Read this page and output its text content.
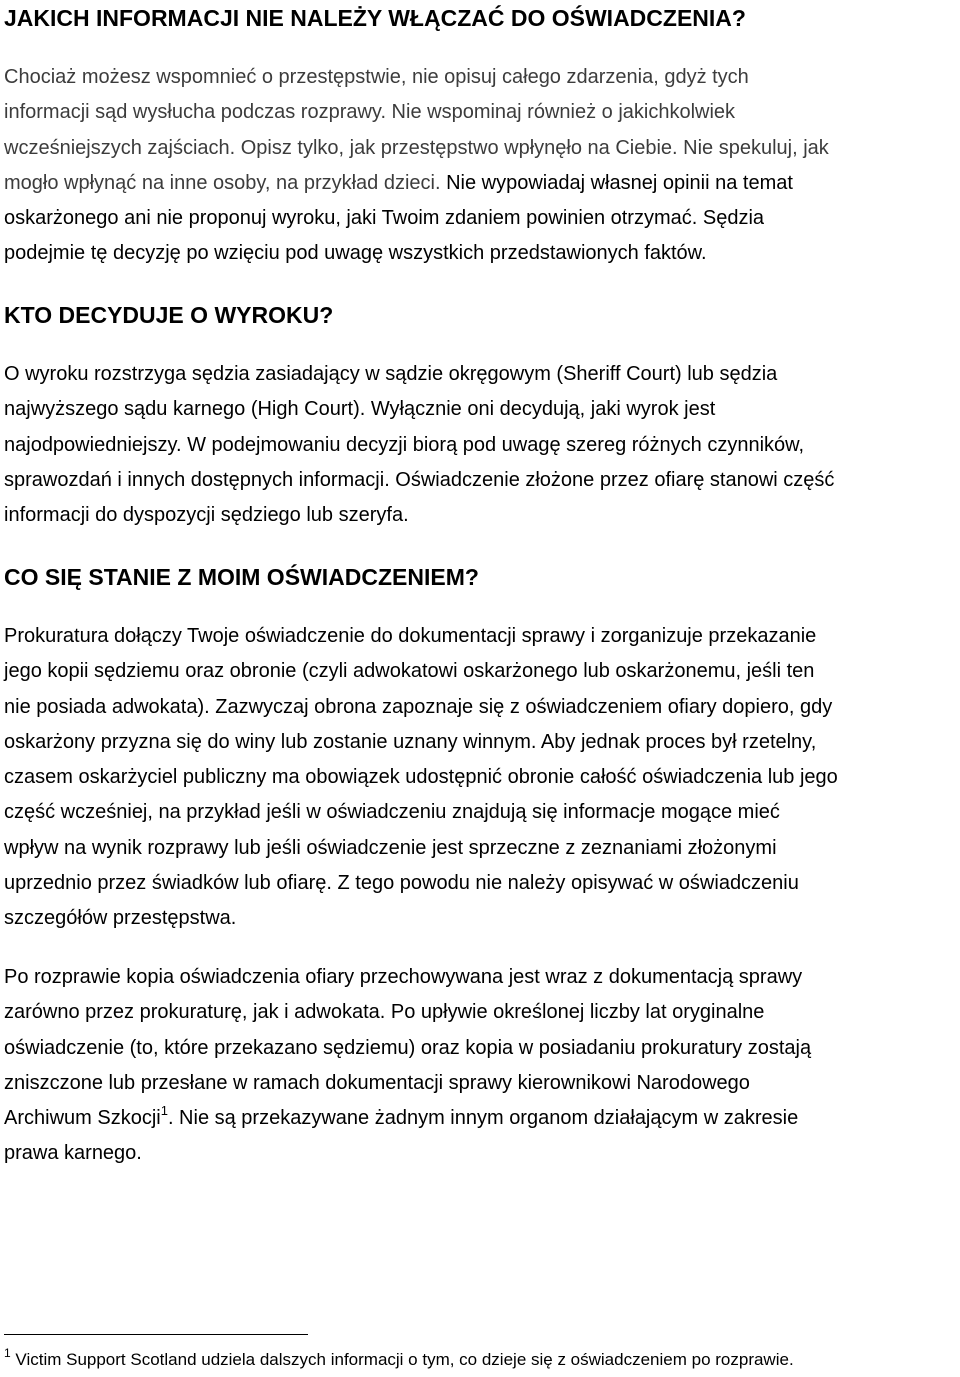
JAKICH INFORMACJI NIE NALEŻY WŁĄCZAĆ DO OŚWIADCZENIA?

Chociaż możesz wspomnieć o przestępstwie, nie opisuj całego zdarzenia, gdyż tych
informacji sąd wysłucha podczas rozprawy. Nie wspominaj również o jakichkolwiek
wcześniejszych zajściach. Opisz tylko, jak przestępstwo wpłynęło na Ciebie. Nie spekuluj, jak
mogło wpłynąć na inne osoby, na przykład dzieci. Nie wypowiadaj własnej opinii na temat
oskarżonego ani nie proponuj wyroku, jaki Twoim zdaniem powinien otrzymać. Sędzia
podejmie tę decyzję po wzięciu pod uwagę wszystkich przedstawionych faktów.

KTO DECYDUJE O WYROKU?

O wyroku rozstrzyga sędzia zasiadający w sądzie okręgowym (Sheriff Court) lub sędzia
najwyższego sądu karnego (High Court). Wyłącznie oni decydują, jaki wyrok jest
najodpowiedniejszy. W podejmowaniu decyzji biorą pod uwagę szereg różnych czynników,
sprawozdań i innych dostępnych informacji. Oświadczenie złożone przez ofiarę stanowi część
informacji do dyspozycji sędziego lub szeryfa.

CO SIĘ STANIE Z MOIM OŚWIADCZENIEM?

Prokuratura dołączy Twoje oświadczenie do dokumentacji sprawy i zorganizuje przekazanie
jego kopii sędziemu oraz obronie (czyli adwokatowi oskarżonego lub oskarżonemu, jeśli ten
nie posiada adwokata). Zazwyczaj obrona zapoznaje się z oświadczeniem ofiary dopiero, gdy
oskarżony przyzna się do winy lub zostanie uznany winnym. Aby jednak proces był rzetelny,
czasem oskarżyciel publiczny ma obowiązek udostępnić obronie całość oświadczenia lub jego
część wcześniej, na przykład jeśli w oświadczeniu znajdują się informacje mogące mieć
wpływ na wynik rozprawy lub jeśli oświadczenie jest sprzeczne z zeznaniami złożonymi
uprzednio przez świadków lub ofiarę. Z tego powodu nie należy opisywać w oświadczeniu
szczegółów przestępstwa.

Po rozprawie kopia oświadczenia ofiary przechowywana jest wraz z dokumentacją sprawy
zarówno przez prokuraturę, jak i adwokata. Po upływie określonej liczby lat oryginalne
oświadczenie (to, które przekazano sędziemu) oraz kopia w posiadaniu prokuratury zostają
zniszczone lub przesłane w ramach dokumentacji sprawy kierownikowi Narodowego
Archiwum Szkocji$^1$. Nie są przekazywane żadnym innym organom działającym w zakresie
prawa karnego.

$^1$ Victim Support Scotland udziela dalszych informacji o tym, co dzieje się z oświadczeniem po rozprawie.
